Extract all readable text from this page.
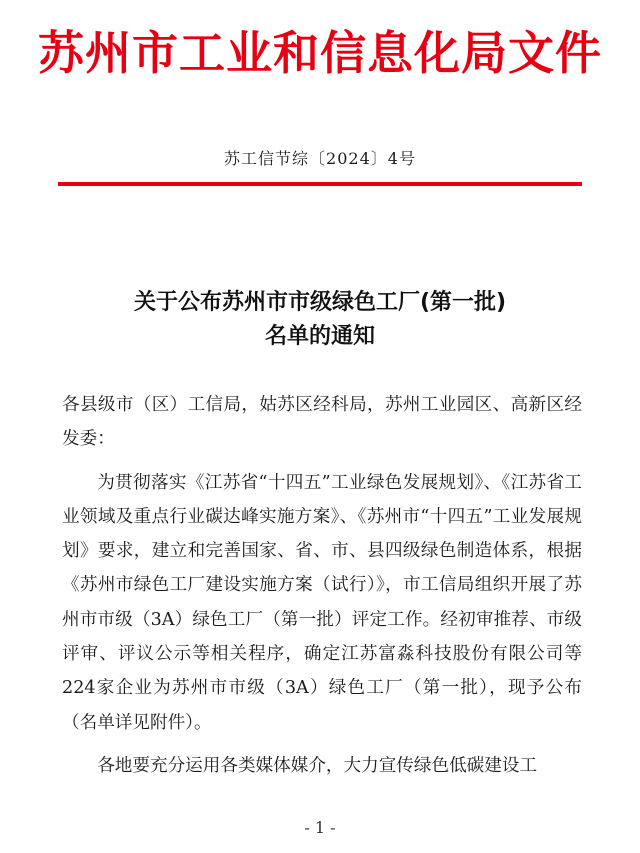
苏州市工业和信息化局文件
苏工信节综〔2024〕4号
关于公布苏州市市级绿色工厂(第一批)
名单的通知

各县级市（区）工信局，姑苏区经科局，苏州工业园区、高新区经发委：

为贯彻落实《江苏省“十四五”工业绿色发展规划》、《江苏省工业领域及重点行业碳达峰实施方案》、《苏州市“十四五”工业发展规划》要求，建立和完善国家、省、市、县四级绿色制造体系，根据《苏州市绿色工厂建设实施方案（试行）》，市工信局组织开展了苏州市市级（3A）绿色工厂（第一批）评定工作。经初审推荐、市级评审、评议公示等相关程序，确定江苏富淼科技股份有限公司等224家企业为苏州市市级（3A）绿色工厂（第一批），现予公布（名单详见附件）。

各地要充分运用各类媒体媒介，大力宣传绿色低碳建设工

- 1 -
